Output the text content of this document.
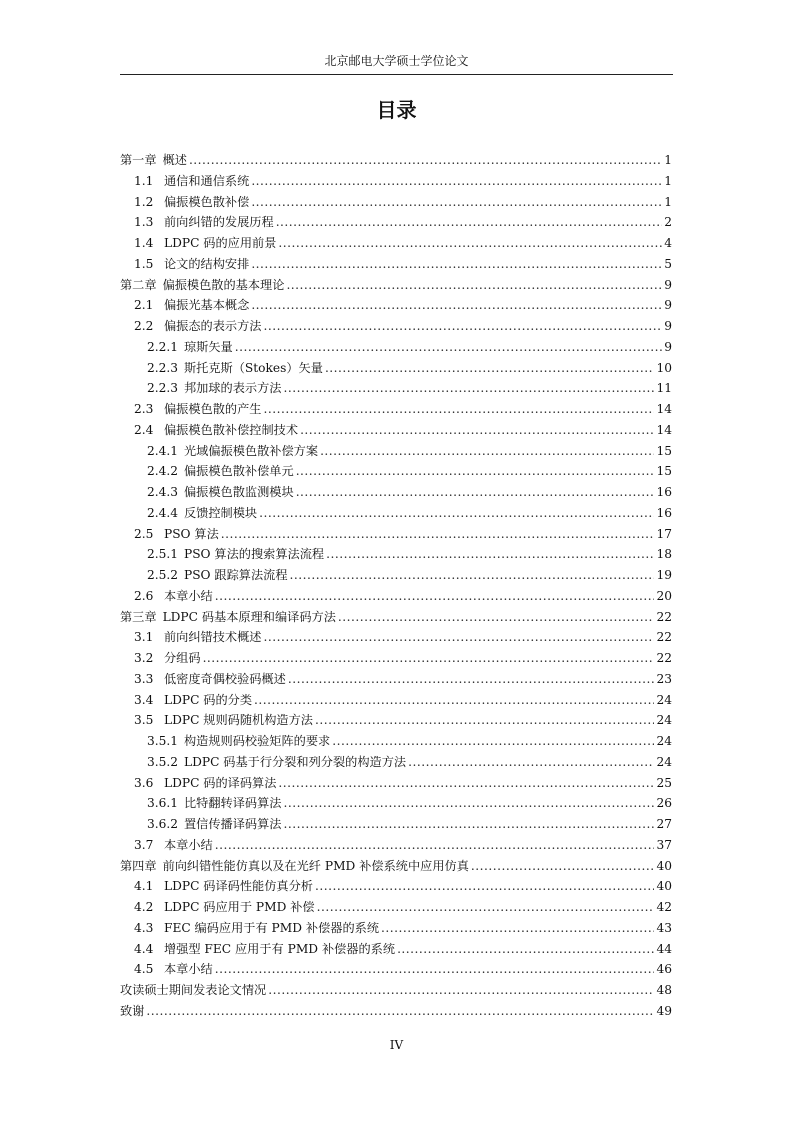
北京邮电大学硕士学位论文
目录
第一章 概述 .....	1
1.1 通信和通信系统 .....	1
1.2 偏振模色散补偿 .....	1
1.3 前向纠错的发展历程 .....	2
1.4 LDPC 码的应用前景 .....	4
1.5 论文的结构安排 .....	5
第二章 偏振模色散的基本理论 .....	9
2.1 偏振光基本概念 .....	9
2.2 偏振态的表示方法 .....	9
2.2.1 琼斯矢量 .....	9
2.2.3 斯托克斯（Stokes）矢量 .....	10
2.2.3 邦加球的表示方法 .....	11
2.3 偏振模色散的产生 .....	14
2.4 偏振模色散补偿控制技术 .....	14
2.4.1 光域偏振模色散补偿方案 .....	15
2.4.2 偏振模色散补偿单元 .....	15
2.4.3 偏振模色散监测模块 .....	16
2.4.4 反馈控制模块 .....	16
2.5 PSO 算法 .....	17
2.5.1 PSO 算法的搜索算法流程 .....	18
2.5.2 PSO 跟踪算法流程 .....	19
2.6 本章小结 .....	20
第三章 LDPC 码基本原理和编译码方法 .....	22
3.1 前向纠错技术概述 .....	22
3.2 分组码 .....	22
3.3 低密度奇偶校验码概述 .....	23
3.4 LDPC 码的分类 .....	24
3.5 LDPC 规则码随机构造方法 .....	24
3.5.1 构造规则码校验矩阵的要求 .....	24
3.5.2 LDPC 码基于行分裂和列分裂的构造方法 .....	24
3.6 LDPC 码的译码算法 .....	25
3.6.1 比特翻转译码算法 .....	26
3.6.2 置信传播译码算法 .....	27
3.7 本章小结 .....	37
第四章 前向纠错性能仿真以及在光纤 PMD 补偿系统中应用仿真 .....	40
4.1 LDPC 码译码性能仿真分析 .....	40
4.2 LDPC 码应用于 PMD 补偿 .....	42
4.3 FEC 编码应用于有 PMD 补偿器的系统 .....	43
4.4 增强型 FEC 应用于有 PMD 补偿器的系统 .....	44
4.5 本章小结 .....	46
攻读硕士期间发表论文情况 .....	48
致谢 .....	49
IV
